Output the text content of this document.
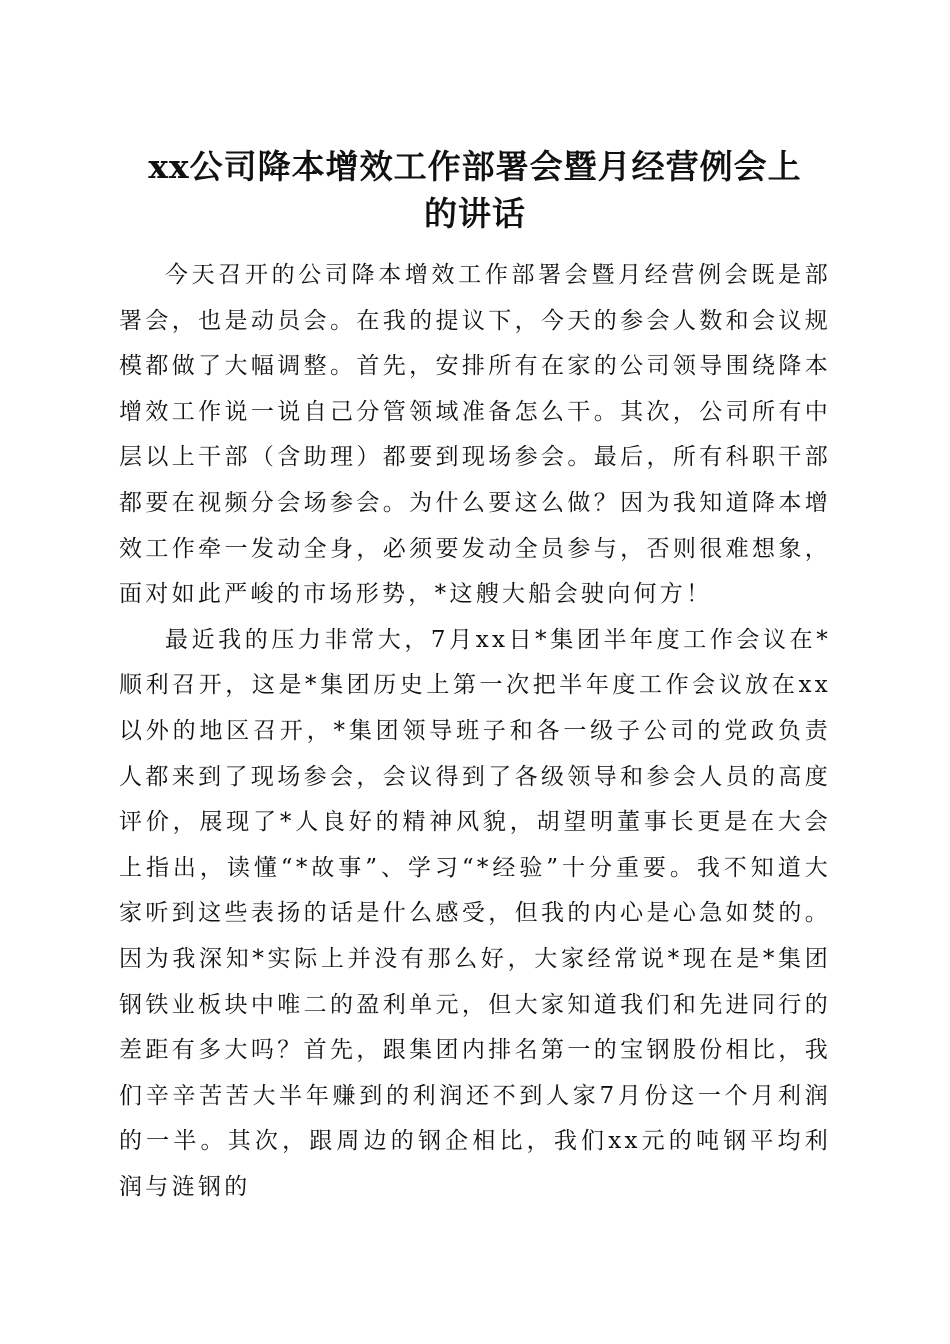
xx公司降本增效工作部署会暨月经营例会上
的讲话

今天召开的公司降本增效工作部署会暨月经营例会既是部署会，也是动员会。在我的提议下，今天的参会人数和会议规模都做了大幅调整。首先，安排所有在家的公司领导围绕降本增效工作说一说自己分管领域准备怎么干。其次，公司所有中层以上干部（含助理）都要到现场参会。最后，所有科职干部都要在视频分会场参会。为什么要这么做？因为我知道降本增效工作牵一发动全身，必须要发动全员参与，否则很难想象，面对如此严峻的市场形势，*这艘大船会驶向何方！

最近我的压力非常大，7月xx日*集团半年度工作会议在*顺利召开，这是*集团历史上第一次把半年度工作会议放在xx以外的地区召开，*集团领导班子和各一级子公司的党政负责人都来到了现场参会，会议得到了各级领导和参会人员的高度评价，展现了*人良好的精神风貌，胡望明董事长更是在大会上指出，读懂“*故事”、学习“*经验”十分重要。我不知道大家听到这些表扬的话是什么感受，但我的内心是心急如焚的。因为我深知*实际上并没有那么好，大家经常说*现在是*集团钢铁业板块中唯二的盈利单元，但大家知道我们和先进同行的差距有多大吗？首先，跟集团内排名第一的宝钢股份相比，我们辛辛苦苦大半年赚到的利润还不到人家7月份这一个月利润的一半。其次，跟周边的钢企相比，我们xx元的吨钢平均利润与涟钢的
